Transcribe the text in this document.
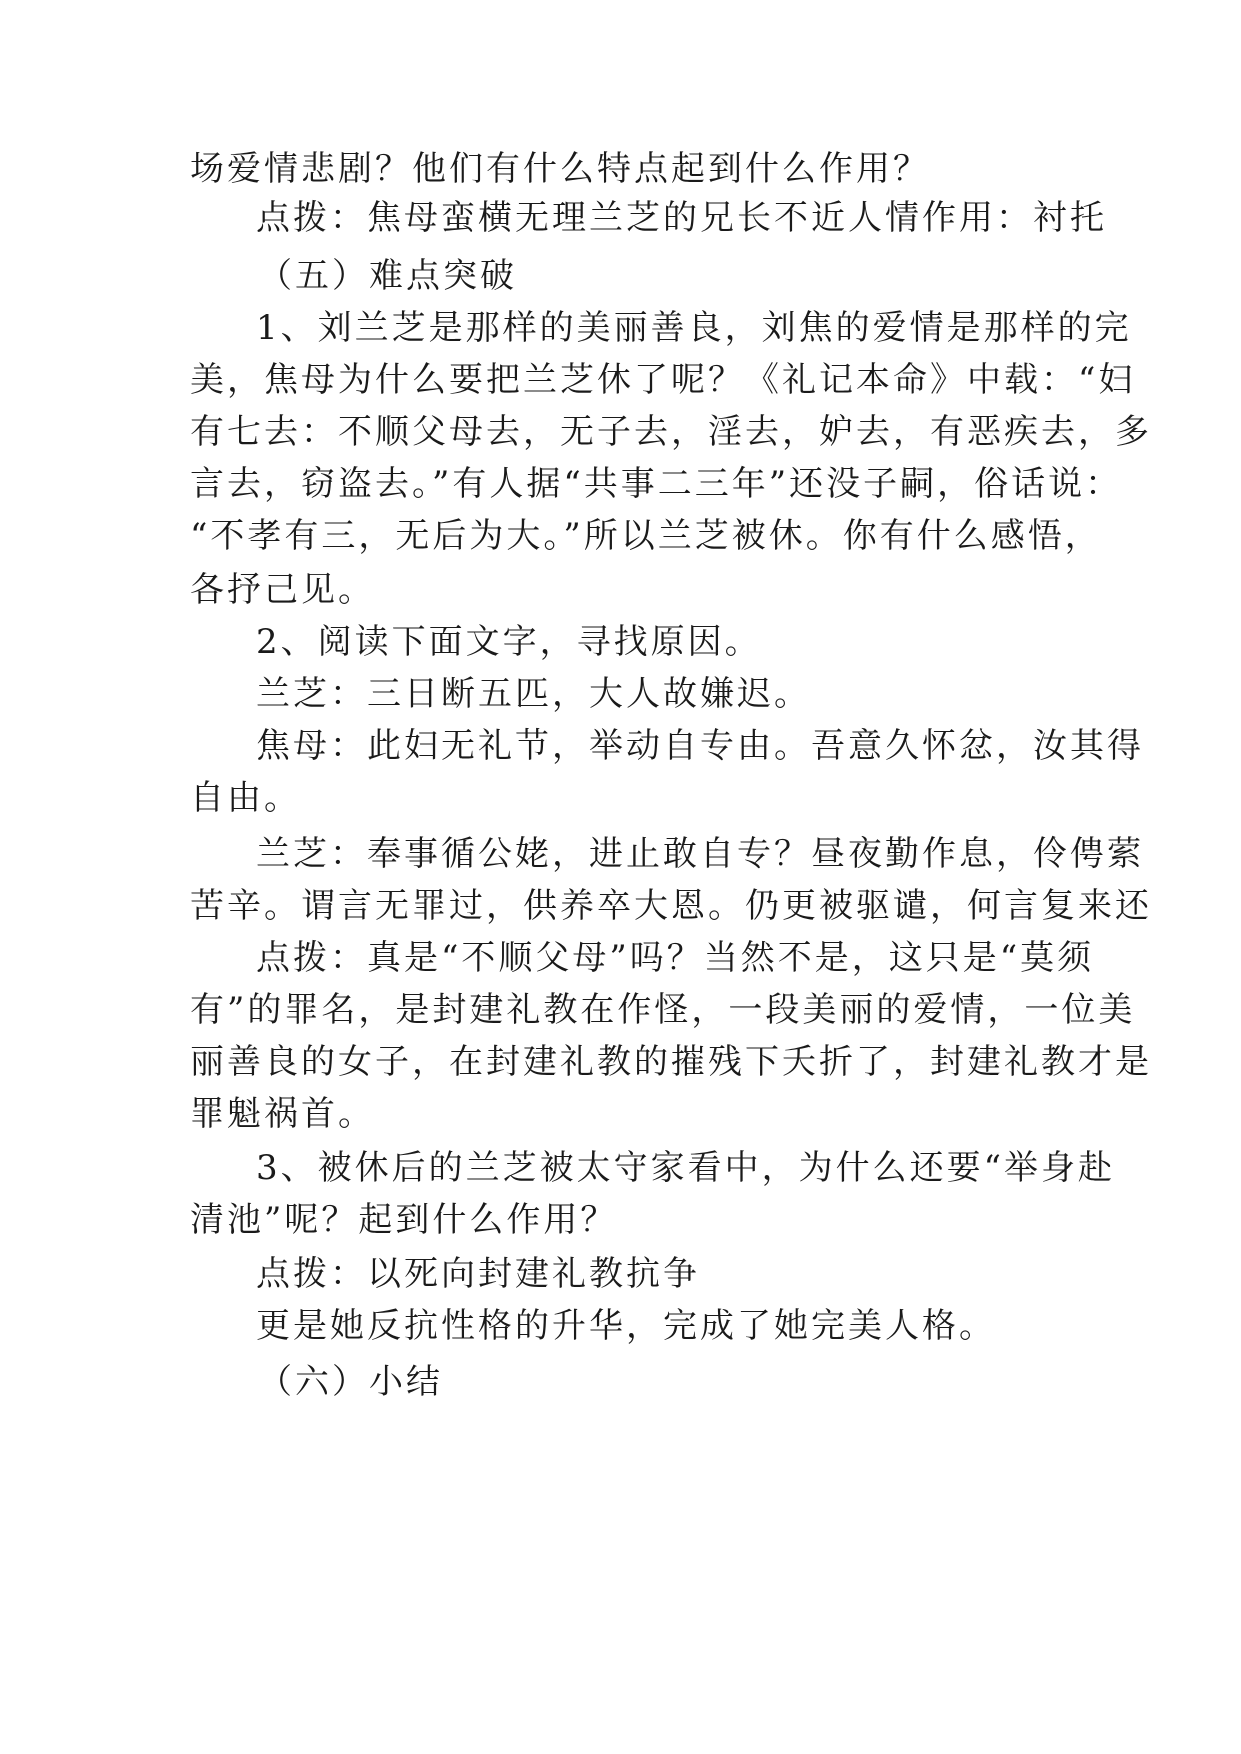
场爱情悲剧？他们有什么特点起到什么作用？
点拨：焦母蛮横无理兰芝的兄长不近人情作用：衬托
（五）难点突破
1、刘兰芝是那样的美丽善良，刘焦的爱情是那样的完
美，焦母为什么要把兰芝休了呢？《礼记本命》中载：“妇
有七去：不顺父母去，无子去，淫去，妒去，有恶疾去，多
言去，窃盗去。”有人据“共事二三年”还没子嗣，俗话说：
“不孝有三，无后为大。”所以兰芝被休。你有什么感悟，
各抒己见。
2、阅读下面文字，寻找原因。
兰芝：三日断五匹，大人故嫌迟。
焦母：此妇无礼节，举动自专由。吾意久怀忿，汝其得
自由。
兰芝：奉事循公姥，进止敢自专？昼夜勤作息，伶俜萦
苦辛。谓言无罪过，供养卒大恩。仍更被驱谴，何言复来还
点拨：真是“不顺父母”吗？当然不是，这只是“莫须
有”的罪名，是封建礼教在作怪，一段美丽的爱情，一位美
丽善良的女子，在封建礼教的摧残下夭折了，封建礼教才是
罪魁祸首。
3、被休后的兰芝被太守家看中，为什么还要“举身赴
清池”呢？起到什么作用？
点拨：以死向封建礼教抗争
更是她反抗性格的升华，完成了她完美人格。
（六）小结
